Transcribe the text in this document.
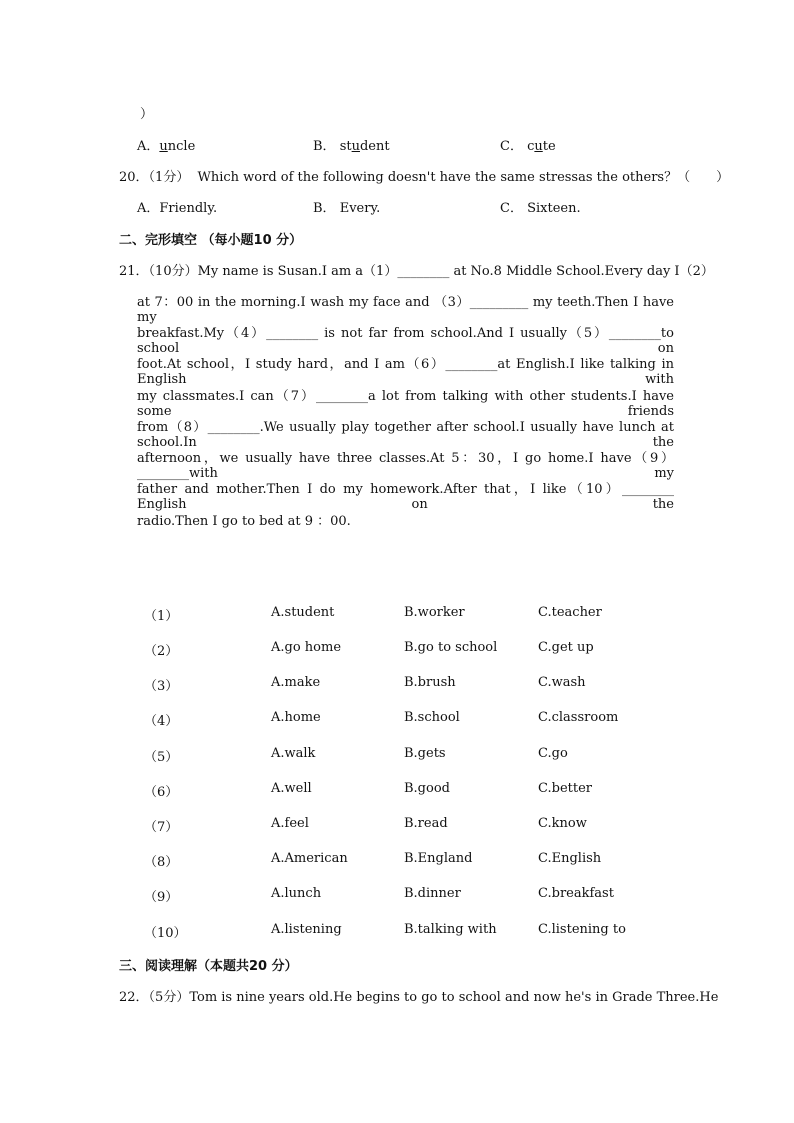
）
A．uncle	B． student	C． cute
20．（1分） Which word of the following doesn't have the same stressas the others？（　　）
A．Friendly.	B． Every.	C． Sixteen.
二、完形填空 （每小题10 分）
21．（10分）My name is Susan.I am a（1）________ at No.8 Middle School.Every day I（2）
at 7：00 in the morning.I wash my face and （3）_________ my teeth.Then I have my
breakfast.My（4）________ is not far from school.And I usually（5）________to school on
foot.At school，I study hard，and I am（6）________at English.I like talking in English with
my classmates.I can（7）________a lot from talking with other students.I have some friends
from（8）________.We usually play together after school.I usually have lunch at school.In the
afternoon，we usually have three classes.At 5：30，I go home.I have（9）________with my
father and mother.Then I do my homework.After that，I like（10）________ English on the
radio.Then I go to bed at 9 ：00.
（1）	A.student	B.worker	C.teacher
（2）	A.go home	B.go to school	C.get up
（3）	A.make	B.brush	C.wash
（4）	A.home	B.school	C.classroom
（5）	A.walk	B.gets	C.go
（6）	A.well	B.good	C.better
（7）	A.feel	B.read	C.know
（8）	A.American	B.England	C.English
（9）	A.lunch	B.dinner	C.breakfast
（10）	A.listening	B.talking with	C.listening to
三、阅读理解（本题共20 分）
22．（5分）Tom is nine years old.He begins to go to school and now he's in Grade Three.He
